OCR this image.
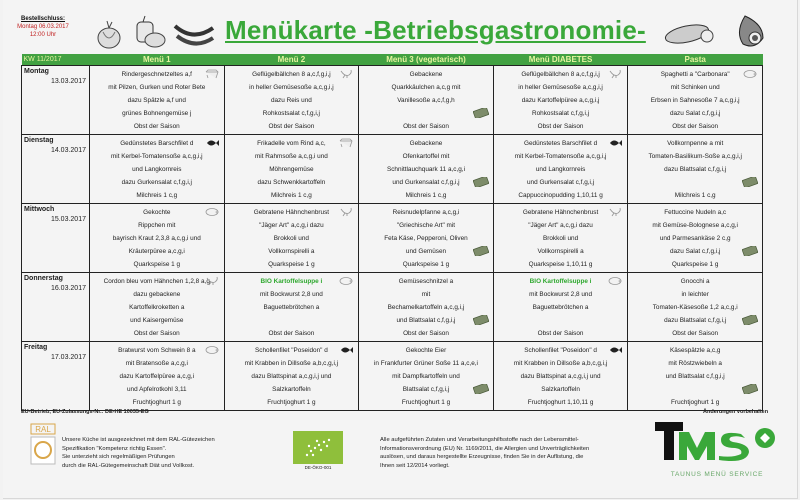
Bestellschluss:
Montag 06.03.2017
12:00 Uhr	Menükarte -Betriebsgastronomie-
KW 11/2017	Menü 1	Menü 2	Menü 3 (vegetarisch)	Menü DIABETES	Pasta

Montag
13.03.2017	Rindergeschnetzeltes a,f
mit Pilzen, Gurken und Roter Bete
dazu Spätzle a,f und
grünes Bohnengemüse j
Obst der Saison	Geflügelbällchen 8 a,c,f,g,i,j
in heller Gemüsesoße a,c,g,i,j
dazu Reis und
Rohkostsalat c,f,g,i,j
Obst der Saison	Gebackene
Quarkkäulchen a,c,g mit
Vanillesoße a,c,f,g,h
Obst der Saison	Geflügelbällchen 8 a,c,f,g,i,j
in heller Gemüsesoße a,c,g,i,j
dazu Kartoffelpüree a,c,g,i,j
Rohkostsalat c,f,g,i,j
Obst der Saison	Spaghetti a "Carbonara"
mit Schinken und
Erbsen in Sahnesoße 7 a,c,g,i,j
dazu Salat c,f,g,i,j
Obst der Saison

Dienstag
14.03.2017	Gedünstetes Barschfilet d
mit Kerbel-Tomatensoße a,c,g,i,j
und Langkornreis
dazu Gurkensalat c,f,g,i,j
Milchreis 1 c,g	Frikadelle vom Rind a,c,
mit Rahmsoße a,c,g,i und
Möhrengemüse
dazu Schwenkkartoffeln
Milchreis 1 c,g	Gebackene
Ofenkartoffel mit
Schnittlauchquark 11 a,c,g,i
und Gurkensalat c,f,g,i,j
Milchreis 1 c,g	Gedünstetes Barschfilet d
mit Kerbel-Tomatensoße a,c,g,i,j
und Langkornreis
und Gurkensalat c,f,g,i,j
Cappuccinopudding 1,10,11 g	Vollkornpenne a mit
Tomaten-Basilikum-Soße a,c,g,i,j
dazu Blattsalat c,f,g,i,j
Milchreis 1 c,g

Mittwoch
15.03.2017	Gekochte
Rippchen mit
bayrisch Kraut 2,3,8 a,c,g,i und
Kräuterpüree a,c,g,i
Quarkspeise 1 g	Gebratene Hähnchenbrust
"Jäger Art" a,c,g,i dazu
Brokkoli und
Vollkornspirelli a
Quarkspeise 1 g	Reisnudelpfanne a,c,g,i
"Griechische Art" mit
Feta Käse, Pepperoni, Oliven
und Gemüsen
Quarkspeise 1 g	Gebratene Hähnchenbrust
"Jäger Art" a,c,g,i dazu
Brokkoli und
Vollkornspirelli a
Quarkspeise 1,10,11 g	Fettuccine Nudeln a,c
mit Gemüse-Bolognese a,c,g,i
und Parmesankäse 2 c,g
dazu Salat c,f,g,i,j
Quarkspeise 1 g

Donnerstag
16.03.2017	Cordon bleu vom Hähnchen 1,2,8 a,g
dazu gebackene
Kartoffelkroketten a
und Kaisergemüse
Obst der Saison	BIO Kartoffelsuppe i
mit Bockwurst 2,8 und
Baguettebrötchen a
Obst der Saison	Gemüseschnitzel a
mit
Bechamelkartoffeln a,c,g,i,j
und Blattsalat c,f,g,i,j
Obst der Saison	BIO Kartoffelsuppe i
mit Bockwurst 2,8 und
Baguettebrötchen a
Obst der Saison	Gnocchi a
in leichter
Tomaten-Käsesoße 1,2 a,c,g,i
dazu Blattsalat c,f,g,i,j
Obst der Saison

Freitag
17.03.2017	Bratwurst vom Schwein 8 a
mit Bratensoße a,c,g,i
dazu Kartoffelpüree a,c,g,i
und Apfelrotkohl 3,11
Fruchtjoghurt 1 g	Schollenfilet "Poseidon" d
mit Krabben in Dillsoße a,b,c,g,i,j
dazu Blattspinat a,c,g,i,j und
Salzkartoffeln
Fruchtjoghurt 1 g	Gekochte Eier
in Frankfurter Grüner Soße 11 a,c,e,i
mit Dampfkartoffeln und
Blattsalat c,f,g,i,j
Fruchtjoghurt 1 g	Schollenfilet "Poseidon" d
mit Krabben in Dillsoße a,b,c,g,i,j
dazu Blattspinat a,c,g,i,j und
Salzkartoffeln
Fruchtjoghurt 1,10,11 g	Käsespätzle a,c,g
mit Röstzwiebeln a
und Blattsalat c,f,g,i,j
Fruchtjoghurt 1 g
EU-Betrieb, EU-Zulassungs-Nr.: DE-HE 10035-EG	Änderungen vorbehalten
RAL
Unsere Küche ist ausgezeichnet mit dem RAL-Gütezeichen
Spezifikation "Kompetenz richtig Essen".
Sie unterzieht sich regelmäßigen Prüfungen
durch die RAL-Gütegemeinschaft Diät und Vollkost.	DE-ÖKO-001
Alle aufgeführten Zutaten und Verarbeitungshilfsstoffe nach der Lebensmittel-
Informationsverordnung (EU) Nr. 1169/2011, die Allergien und Unverträglichkeiten
auslösen, und daraus hergestellte Erzeugnisse, finden Sie in der Auflistung, die
Ihnen seit 12/2014 vorliegt.
TAUNUS MENÜ SERVICE
